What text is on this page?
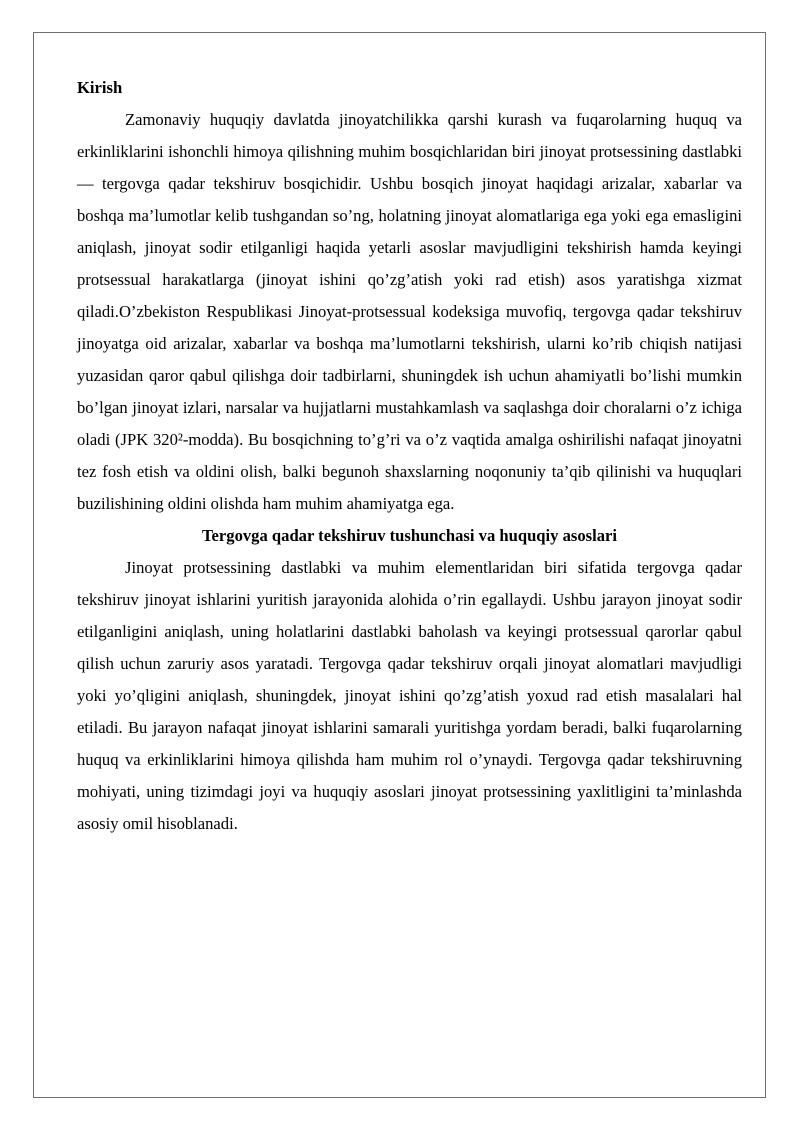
Kirish

Zamonaviy huquqiy davlatda jinoyatchilikka qarshi kurash va fuqarolarning huquq va erkinliklarini ishonchli himoya qilishning muhim bosqichlaridan biri jinoyat protsessining dastlabki — tergovga qadar tekshiruv bosqichidir. Ushbu bosqich jinoyat haqidagi arizalar, xabarlar va boshqa ma’lumotlar kelib tushgandan so’ng, holatning jinoyat alomatlariga ega yoki ega emasligini aniqlash, jinoyat sodir etilganligi haqida yetarli asoslar mavjudligini tekshirish hamda keyingi protsessual harakatlarga (jinoyat ishini qo’zg’atish yoki rad etish) asos yaratishga xizmat qiladi.O’zbekiston Respublikasi Jinoyat-protsessual kodeksiga muvofiq, tergovga qadar tekshiruv jinoyatga oid arizalar, xabarlar va boshqa ma’lumotlarni tekshirish, ularni ko’rib chiqish natijasi yuzasidan qaror qabul qilishga doir tadbirlarni, shuningdek ish uchun ahamiyatli bo’lishi mumkin bo’lgan jinoyat izlari, narsalar va hujjatlarni mustahkamlash va saqlashga doir choralarni o’z ichiga oladi (JPK 320²-modda). Bu bosqichning to’g’ri va o’z vaqtida amalga oshirilishi nafaqat jinoyatni tez fosh etish va oldini olish, balki begunoh shaxslarning noqonuniy ta’qib qilinishi va huquqlari buzilishining oldini olishda ham muhim ahamiyatga ega.

Tergovga qadar tekshiruv tushunchasi va huquqiy asoslari

Jinoyat protsessining dastlabki va muhim elementlaridan biri sifatida tergovga qadar tekshiruv jinoyat ishlarini yuritish jarayonida alohida o’rin egallaydi. Ushbu jarayon jinoyat sodir etilganligini aniqlash, uning holatlarini dastlabki baholash va keyingi protsessual qarorlar qabul qilish uchun zaruriy asos yaratadi. Tergovga qadar tekshiruv orqali jinoyat alomatlari mavjudligi yoki yo’qligini aniqlash, shuningdek, jinoyat ishini qo’zg’atish yoxud rad etish masalalari hal etiladi. Bu jarayon nafaqat jinoyat ishlarini samarali yuritishga yordam beradi, balki fuqarolarning huquq va erkinliklarini himoya qilishda ham muhim rol o’ynaydi. Tergovga qadar tekshiruvning mohiyati, uning tizimdagi joyi va huquqiy asoslari jinoyat protsessining yaxlitligini ta’minlashda asosiy omil hisoblanadi.
